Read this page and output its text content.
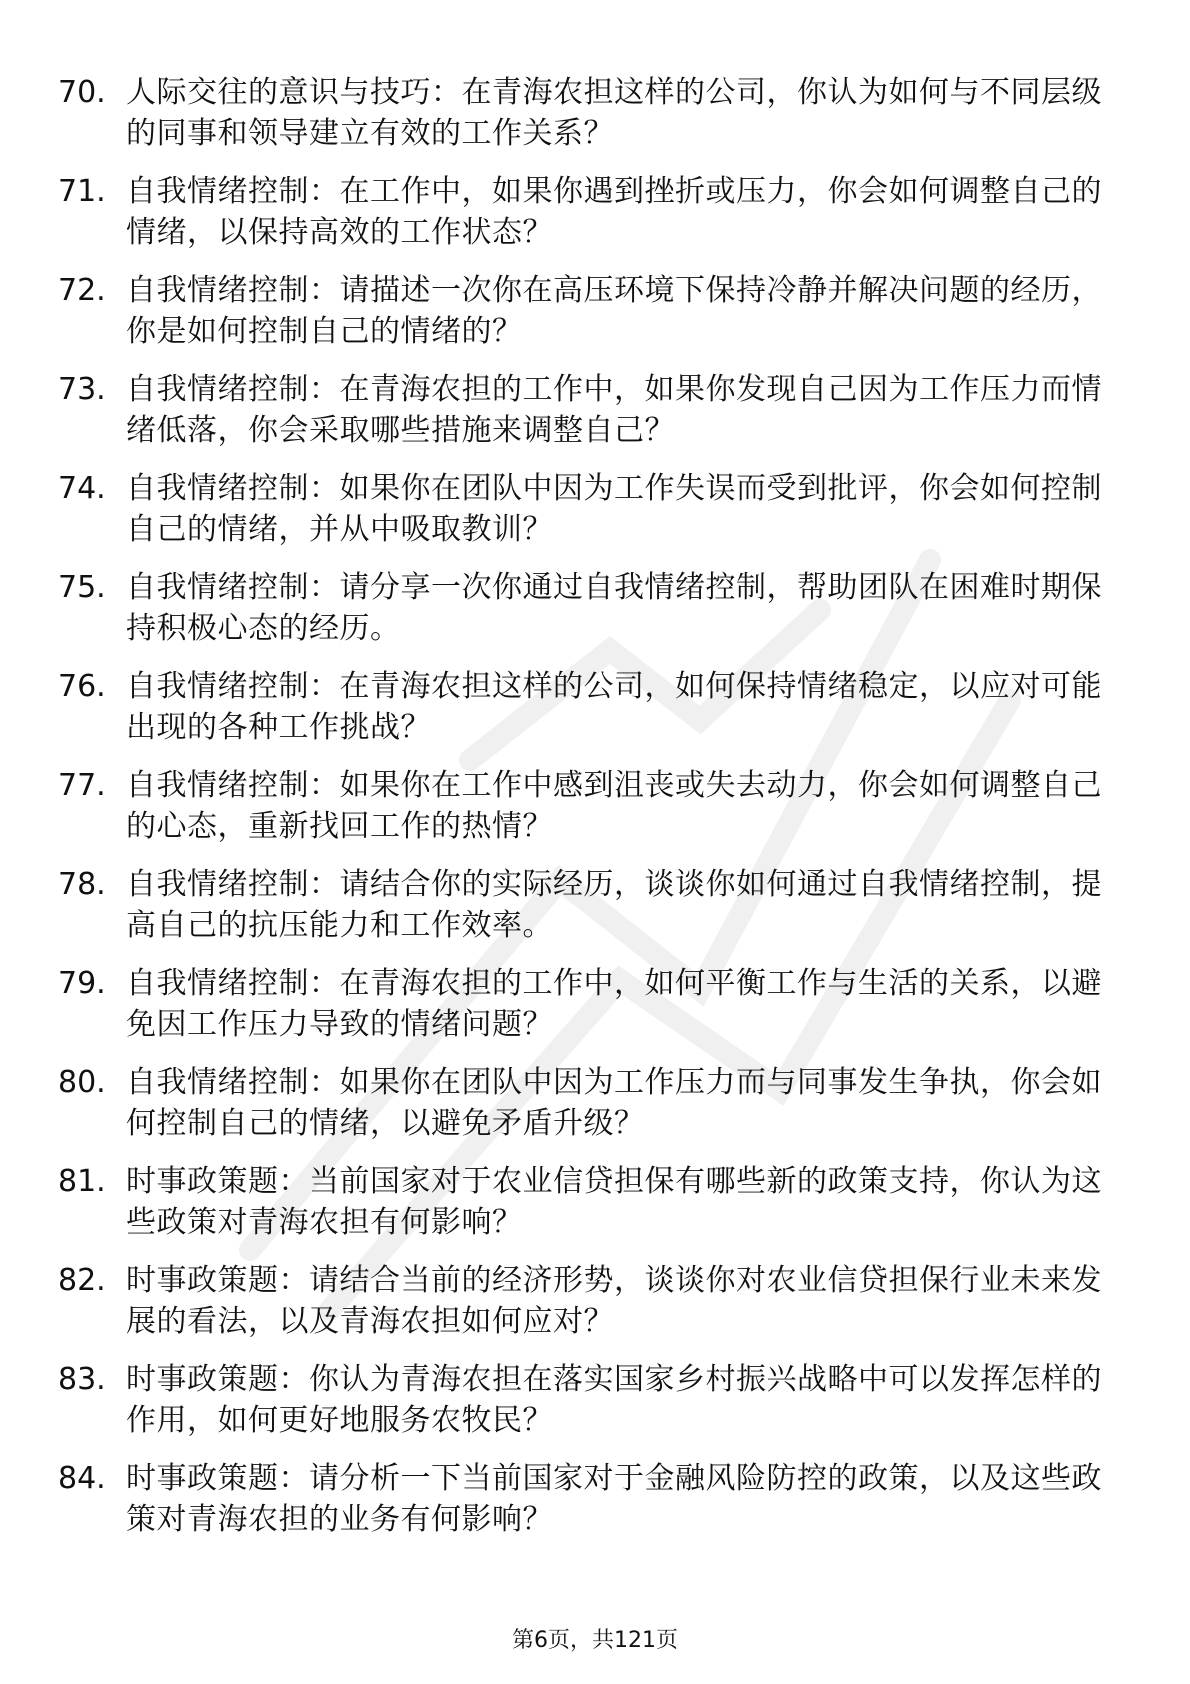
70. 人际交往的意识与技巧：在青海农担这样的公司，你认为如何与不同层级的同事和领导建立有效的工作关系？
71. 自我情绪控制：在工作中，如果你遇到挫折或压力，你会如何调整自己的情绪，以保持高效的工作状态？
72. 自我情绪控制：请描述一次你在高压环境下保持冷静并解决问题的经历，你是如何控制自己的情绪的？
73. 自我情绪控制：在青海农担的工作中，如果你发现自己因为工作压力而情绪低落，你会采取哪些措施来调整自己？
74. 自我情绪控制：如果你在团队中因为工作失误而受到批评，你会如何控制自己的情绪，并从中吸取教训？
75. 自我情绪控制：请分享一次你通过自我情绪控制，帮助团队在困难时期保持积极心态的经历。
76. 自我情绪控制：在青海农担这样的公司，如何保持情绪稳定，以应对可能出现的各种工作挑战？
77. 自我情绪控制：如果你在工作中感到沮丧或失去动力，你会如何调整自己的心态，重新找回工作的热情？
78. 自我情绪控制：请结合你的实际经历，谈谈你如何通过自我情绪控制，提高自己的抗压能力和工作效率。
79. 自我情绪控制：在青海农担的工作中，如何平衡工作与生活的关系，以避免因工作压力导致的情绪问题？
80. 自我情绪控制：如果你在团队中因为工作压力而与同事发生争执，你会如何控制自己的情绪，以避免矛盾升级？
81. 时事政策题：当前国家对于农业信贷担保有哪些新的政策支持，你认为这些政策对青海农担有何影响？
82. 时事政策题：请结合当前的经济形势，谈谈你对农业信贷担保行业未来发展的看法，以及青海农担如何应对？
83. 时事政策题：你认为青海农担在落实国家乡村振兴战略中可以发挥怎样的作用，如何更好地服务农牧民？
84. 时事政策题：请分析一下当前国家对于金融风险防控的政策，以及这些政策对青海农担的业务有何影响？
第6页，共121页
